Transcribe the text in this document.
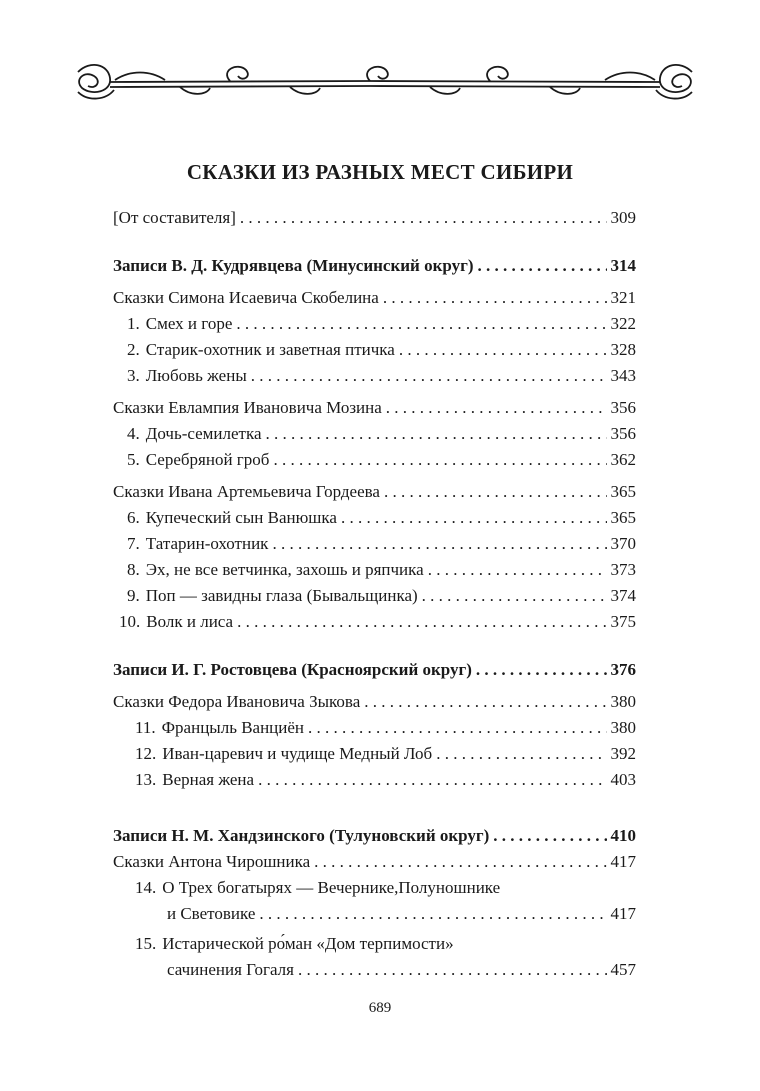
СКАЗКИ ИЗ РАЗНЫХ МЕСТ СИБИРИ
[От составителя] . . .	309
Записи В. Д. Кудрявцева (Минусинский округ) . . .	314
Сказки Симона Исаевича Скобелина . . .	321
1. Смех и горе . . .	322
2. Старик-охотник и заветная птичка . . .	328
3. Любовь жены . . .	343
Сказки Евлампия Ивановича Мозина . . .	356
4. Дочь-семилетка . . .	356
5. Серебряной гроб . . .	362
Сказки Ивана Артемьевича Гордеева . . .	365
6. Купеческий сын Ванюшка . . .	365
7. Татарин-охотник . . .	370
8. Эх, не все ветчинка, захошь и ряпчика . . .	373
9. Поп — завидны глаза (Бывальщинка) . . .	374
10. Волк и лиса . . .	375
Записи И. Г. Ростовцева (Красноярский округ) . . .	376
Сказки Федора Ивановича Зыкова . . .	380
11. Францыль Ванциён . . .	380
12. Иван-царевич и чудище Медный Лоб . . .	392
13. Верная жена . . .	403
Записи Н. М. Хандзинского (Тулуновский округ) . . .	410
Сказки Антона Чирошника . . .	417
14. О Трех богатырях — Вечернике,Полуношнике
и Световике . . .	417
15. Истарической ро́ман «Дом терпимости»
сачинения Гогаля . . .	457
689
